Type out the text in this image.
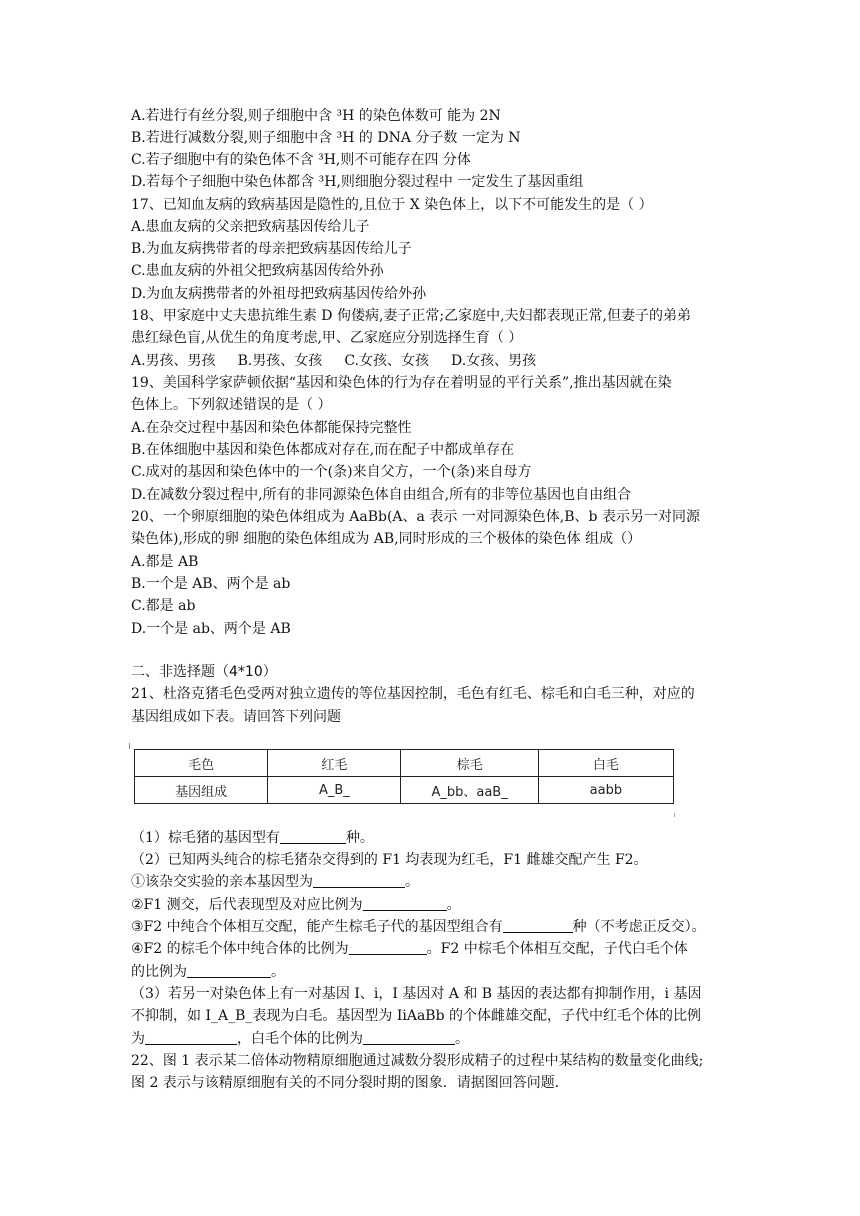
A.若进行有丝分裂,则子细胞中含 ³H 的染色体数可 能为 2N
B.若进行减数分裂,则子细胞中含 ³H 的 DNA 分子数 一定为 N
C.若子细胞中有的染色体不含 ³H,则不可能存在四 分体
D.若每个子细胞中染色体都含 ³H,则细胞分裂过程中 一定发生了基因重组
17、已知血友病的致病基因是隐性的,且位于 X 染色体上，以下不可能发生的是（ ）
A.患血友病的父亲把致病基因传给儿子
B.为血友病携带者的母亲把致病基因传给儿子
C.患血友病的外祖父把致病基因传给外孙
D.为血友病携带者的外祖母把致病基因传给外孙
18、甲家庭中丈夫患抗维生素 D 佝偻病,妻子正常;乙家庭中,夫妇都表现正常,但妻子的弟弟
患红绿色盲,从优生的角度考虑,甲、乙家庭应分别选择生育（ ）
A.男孩、男孩 B.男孩、女孩 C.女孩、女孩 D.女孩、男孩
19、美国科学家萨顿依据“基因和染色体的行为存在着明显的平行关系”,推出基因就在染
色体上。下列叙述错误的是（ ）
A.在杂交过程中基因和染色体都能保持完整性
B.在体细胞中基因和染色体都成对存在,而在配子中都成单存在
C.成对的基因和染色体中的一个(条)来自父方，一个(条)来自母方
D.在减数分裂过程中,所有的非同源染色体自由组合,所有的非等位基因也自由组合
20、一个卵原细胞的染色体组成为 AaBb(A、a 表示 一对同源染色体,B、b 表示另一对同源
染色体),形成的卵 细胞的染色体组成为 AB,同时形成的三个极体的染色体 组成（）
A.都是 AB
B.一个是 AB、两个是 ab
C.都是 ab
D.一个是 ab、两个是 AB
二、非选择题（4*10）
21、杜洛克猪毛色受两对独立遗传的等位基因控制，毛色有红毛、棕毛和白毛三种，对应的
基因组成如下表。请回答下列问题
毛色	红毛	棕毛	白毛
基因组成	A_B_	A_bb、aaB_	aabb
（1）棕毛猪的基因型有	种。
（2）已知两头纯合的棕毛猪杂交得到的 F1 均表现为红毛，F1 雌雄交配产生 F2。
①该杂交实验的亲本基因型为	。
②F1 测交，后代表现型及对应比例为	。
③F2 中纯合个体相互交配，能产生棕毛子代的基因型组合有	种（不考虑正反交）。
④F2 的棕毛个体中纯合体的比例为	。F2 中棕毛个体相互交配，子代白毛个体
的比例为	。
（3）若另一对染色体上有一对基因 I、i，I 基因对 A 和 B 基因的表达都有抑制作用，i 基因
不抑制，如 I_A_B_表现为白毛。基因型为 IiAaBb 的个体雌雄交配，子代中红毛个体的比例
为	，白毛个体的比例为	。
22、图 1 表示某二倍体动物精原细胞通过减数分裂形成精子的过程中某结构的数量变化曲线;
图 2 表示与该精原细胞有关的不同分裂时期的图象．请据图回答问题．
